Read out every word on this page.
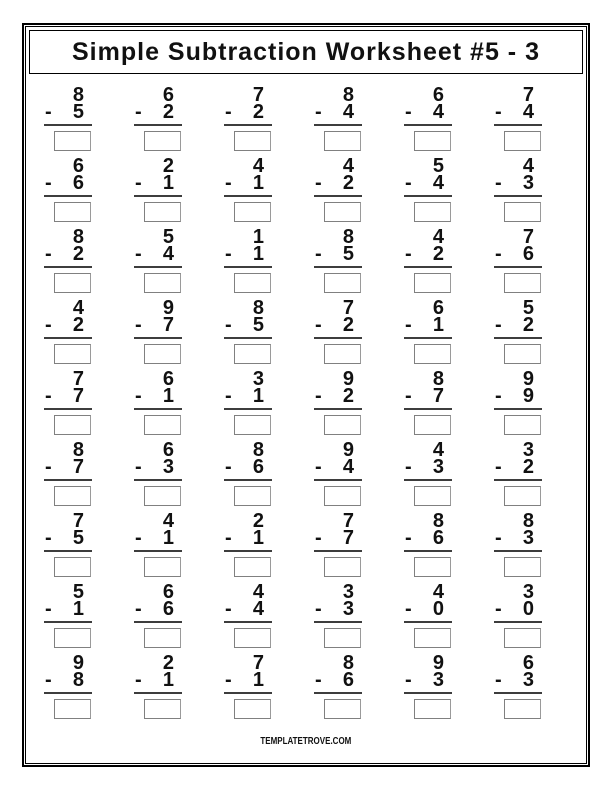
Simple Subtraction Worksheet #5 - 3
8
- 5
6
- 2
7
- 2
8
- 4
6
- 4
7
- 4
6
- 6
2
- 1
4
- 1
4
- 2
5
- 4
4
- 3
8
- 2
5
- 4
1
- 1
8
- 5
4
- 2
7
- 6
4
- 2
9
- 7
8
- 5
7
- 2
6
- 1
5
- 2
7
- 7
6
- 1
3
- 1
9
- 2
8
- 7
9
- 9
8
- 7
6
- 3
8
- 6
9
- 4
4
- 3
3
- 2
7
- 5
4
- 1
2
- 1
7
- 7
8
- 6
8
- 3
5
- 1
6
- 6
4
- 4
3
- 3
4
- 0
3
- 0
9
- 8
2
- 1
7
- 1
8
- 6
9
- 3
6
- 3
TEMPLATETROVE.COM
